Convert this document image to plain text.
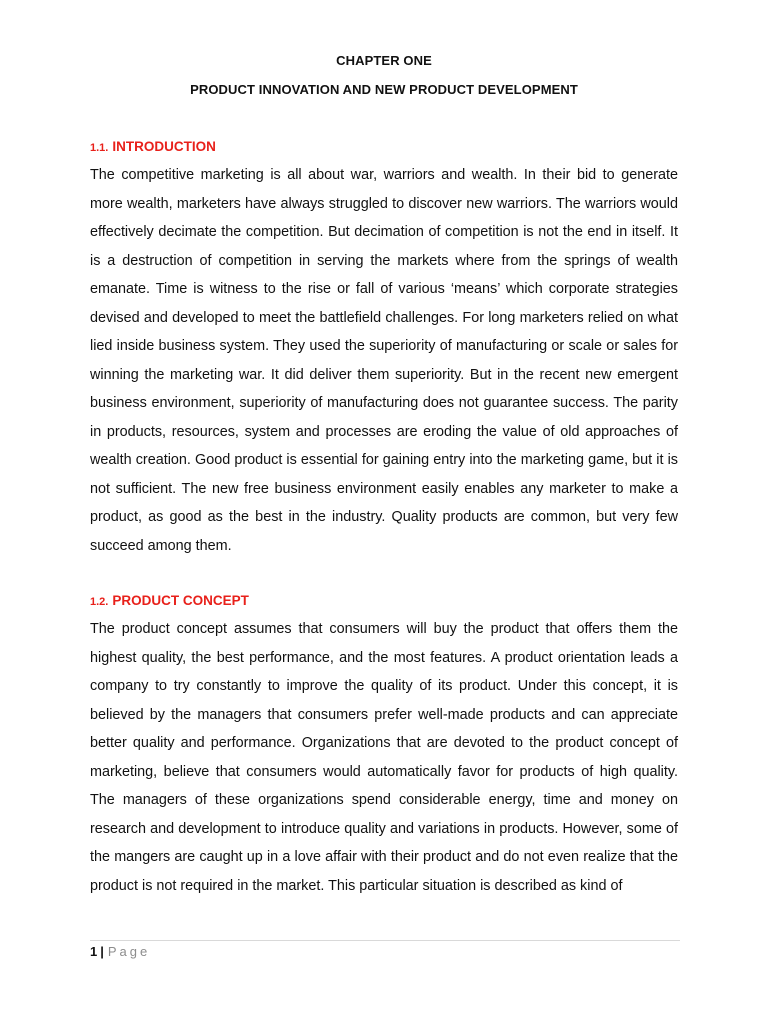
CHAPTER ONE
PRODUCT INNOVATION AND NEW PRODUCT DEVELOPMENT
1.1. INTRODUCTION

The competitive marketing is all about war, warriors and wealth. In their bid to generate more wealth, marketers have always struggled to discover new warriors. The warriors would effectively decimate the competition. But decimation of competition is not the end in itself. It is a destruction of competition in serving the markets where from the springs of wealth emanate. Time is witness to the rise or fall of various ‘means’ which corporate strategies devised and developed to meet the battlefield challenges. For long marketers relied on what lied inside business system. They used the superiority of manufacturing or scale or sales for winning the marketing war. It did deliver them superiority. But in the recent new emergent business environment, superiority of manufacturing does not guarantee success. The parity in products, resources, system and processes are eroding the value of old approaches of wealth creation. Good product is essential for gaining entry into the marketing game, but it is not sufficient. The new free business environment easily enables any marketer to make a product, as good as the best in the industry. Quality products are common, but very few succeed among them.

1.2. PRODUCT CONCEPT

The product concept assumes that consumers will buy the product that offers them the highest quality, the best performance, and the most features. A product orientation leads a company to try constantly to improve the quality of its product. Under this concept, it is believed by the managers that consumers prefer well-made products and can appreciate better quality and performance. Organizations that are devoted to the product concept of marketing, believe that consumers would automatically favor for products of high quality. The managers of these organizations spend considerable energy, time and money on research and development to introduce quality and variations in products. However, some of the mangers are caught up in a love affair with their product and do not even realize that the product is not required in the market. This particular situation is described as kind of

1 | Page
